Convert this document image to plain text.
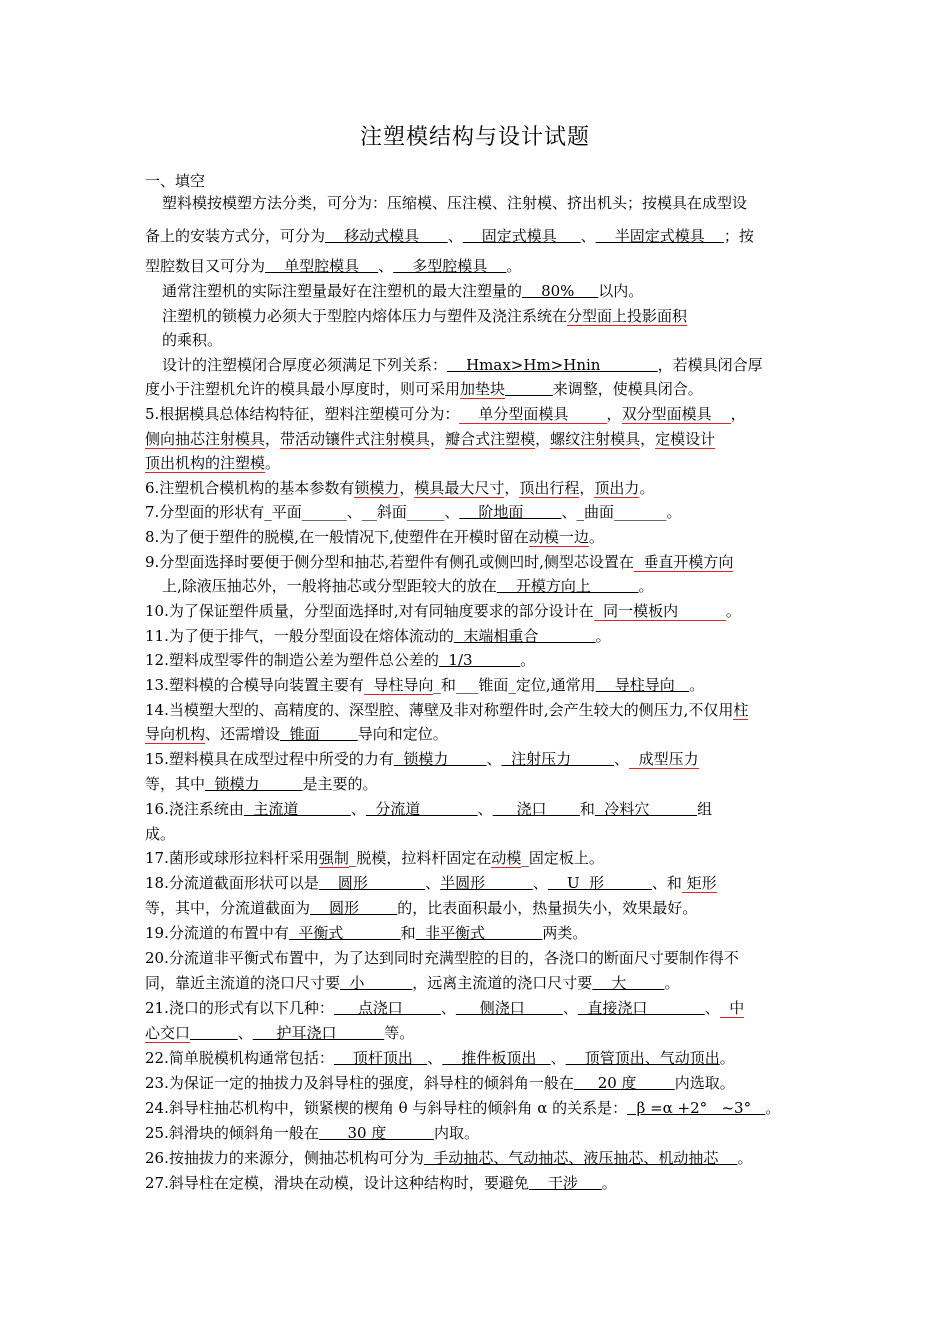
注塑模结构与设计试题
一、填空
塑料模按模塑方法分类，可分为：压缩模、压注模、注射模、挤出机头；按模具在成型设
备上的安装方式分，可分为    移动式模具      、    固定式模具     、    半固定式模具    ；按
型腔数目又可分为    单型腔模具    、    多型腔模具    。
通常注塑机的实际注塑量最好在注塑机的最大注塑量的    80%     以内。
注塑机的锁模力必须大于型腔内熔体压力与塑件及浇注系统在分型面上投影面积
的乘积。
设计的注塑模闭合厚度必须满足下列关系：    Hmax>Hm>Hnin            ，若模具闭合厚
度小于注塑机允许的模具最小厚度时，则可采用加垫块	来调整，使模具闭合。
5.根据模具总体结构特征，塑料注塑模可分为：    单分型面模具        ，双分型面模具    ，
侧向抽芯注射模具，带活动镶件式注射模具，瓣合式注塑模，螺纹注射模具，定模设计
顶出机构的注塑模。
6.注塑机合模机构的基本参数有锁模力，模具最大尺寸，顶出行程，顶出力。
7.分型面的形状有_平面______、__斜面_____、    阶地面        、_曲面_______。
8.为了便于塑件的脱模,在一般情况下,使塑件在开模时留在动模一边。
9.分型面选择时要便于侧分型和抽芯,若塑件有侧孔或侧凹时,侧型芯设置在  垂直开模方向
上,除液压抽芯外，一般将抽芯或分型距较大的放在    开模方向上          。
10.为了保证塑件质量，分型面选择时,对有同轴度要求的部分设计在  同一模板内          。
11.为了便于排气，一般分型面设在熔体流动的  末端相重合            。
12.塑料成型零件的制造公差为塑件总公差的  1/3          。
13.塑料模的合模导向装置主要有  导柱导向_和___锥面_定位,通常用    导柱导向   。
14.当模塑大型的、高精度的、深型腔、薄壁及非对称塑件时,会产生较大的侧压力,不仅用柱
导向机构、还需增设  锥面        导向和定位。
15.塑料模具在成型过程中所受的力有  锁模力        、  注射压力         、  成型压力
等，其中  锁模力         是主要的。
16.浇注系统由  主流道           、  分流道            、     浇口       和  冷料穴          组
成。
17.菌形或球形拉料杆采用强制_脱模，拉料杆固定在动模_固定板上。
18.分流道截面形状可以是    圆形            、半圆形          、    U  形          、和 矩形
等，其中，分流道截面为    圆形        的，比表面积最小，热量损失小，效果最好。
19.分流道的布置中有  平衡式            和  非平衡式            两类。
20.分流道非平衡式布置中，为了达到同时充满型腔的目的，各浇口的断面尺寸要制作得不
同，靠近主流道的浇口尺寸要  小          ，远离主流道的浇口尺寸要    大        。
21.浇口的形式有以下几种：     点浇口        、     侧浇口        、  直接浇口            、  中
心交口	、     护耳浇口          等。
22.简单脱模机构通常包括：    顶杆顶出   、    推件板顶出   、    顶管顶出、气动顶出。
23.为保证一定的抽拔力及斜导柱的强度，斜导柱的倾斜角一般在     20 度        内选取。
24.斜导柱抽芯机构中，锁紧楔的楔角 θ 与斜导柱的倾斜角 α 的关系是：  β =α +2°   ~3°   。
25.斜滑块的倾斜角一般在      30 度          内取。
26.按抽拔力的来源分，侧抽芯机构可分为  手动抽芯、气动抽芯、液压抽芯、机动抽芯    。
27.斜导柱在定模，滑块在动模，设计这种结构时，要避免    干涉     。
